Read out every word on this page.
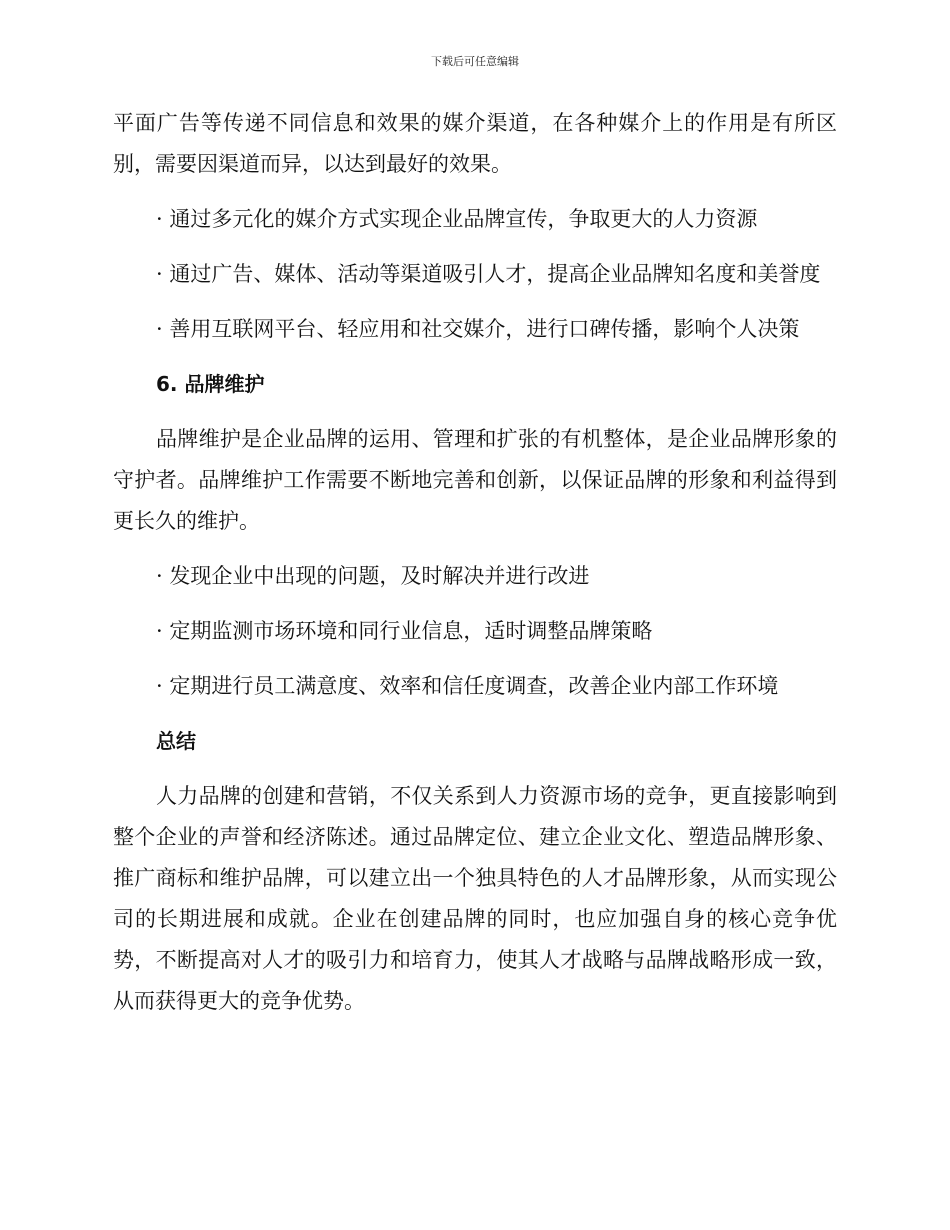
下载后可任意编辑

平面广告等传递不同信息和效果的媒介渠道，在各种媒介上的作用是有所区别，需要因渠道而异，以达到最好的效果。

· 通过多元化的媒介方式实现企业品牌宣传，争取更大的人力资源

· 通过广告、媒体、活动等渠道吸引人才，提高企业品牌知名度和美誉度

· 善用互联网平台、轻应用和社交媒介，进行口碑传播，影响个人决策

6. 品牌维护

品牌维护是企业品牌的运用、管理和扩张的有机整体，是企业品牌形象的守护者。品牌维护工作需要不断地完善和创新，以保证品牌的形象和利益得到更长久的维护。

· 发现企业中出现的问题，及时解决并进行改进

· 定期监测市场环境和同行业信息，适时调整品牌策略

· 定期进行员工满意度、效率和信任度调查，改善企业内部工作环境

总结

人力品牌的创建和营销，不仅关系到人力资源市场的竞争，更直接影响到整个企业的声誉和经济陈述。通过品牌定位、建立企业文化、塑造品牌形象、推广商标和维护品牌，可以建立出一个独具特色的人才品牌形象，从而实现公司的长期进展和成就。企业在创建品牌的同时，也应加强自身的核心竞争优势，不断提高对人才的吸引力和培育力，使其人才战略与品牌战略形成一致，从而获得更大的竞争优势。
